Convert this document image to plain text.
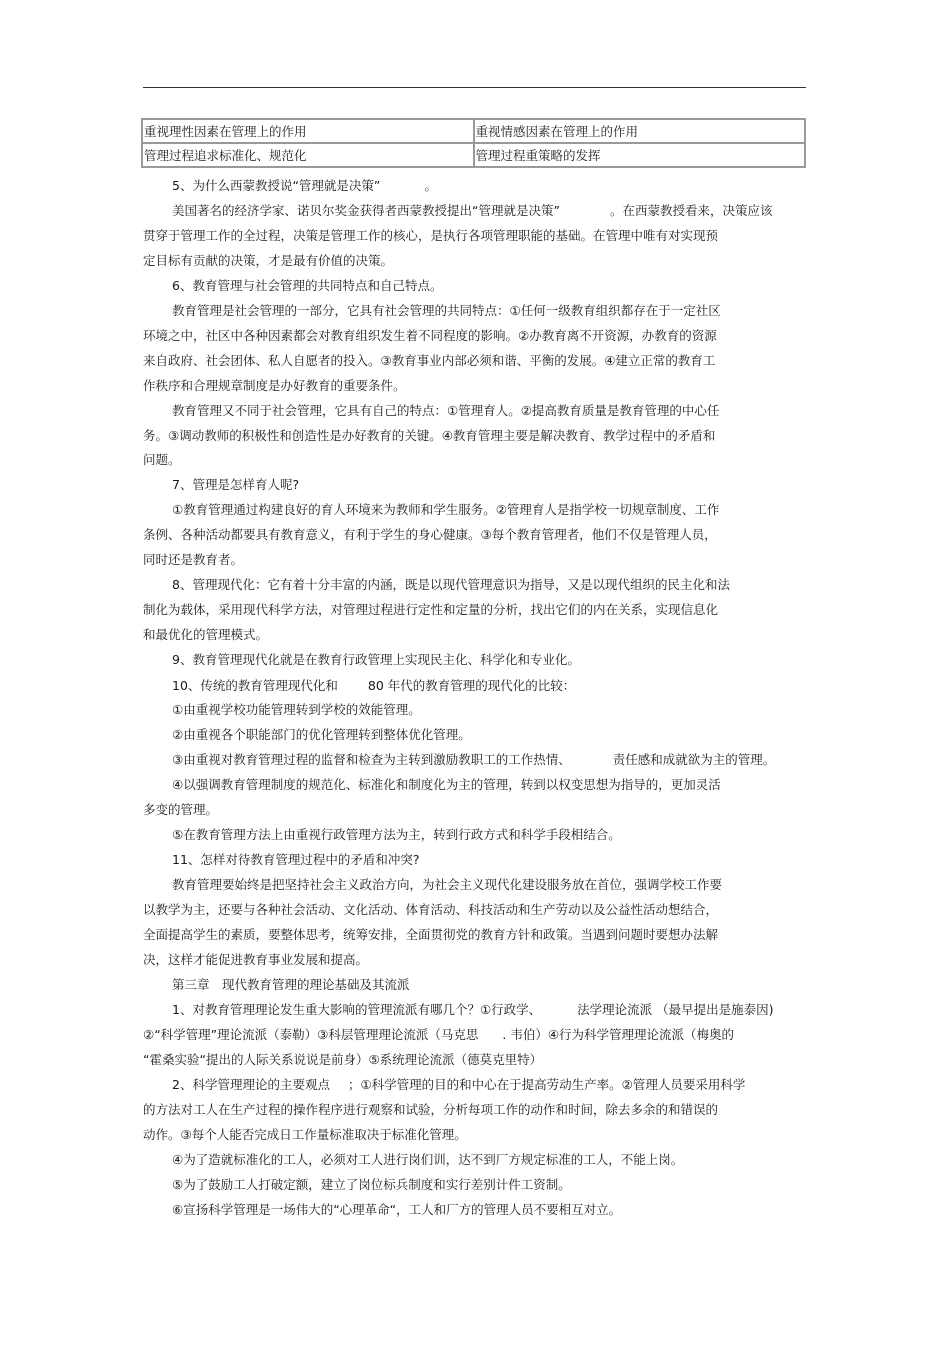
重视理性因素在管理上的作用	重视情感因素在管理上的作用
管理过程追求标准化、规范化	管理过程重策略的发挥
5、为什么西蒙教授说“管理就是决策”	。
美国著名的经济学家、诺贝尔奖金获得者西蒙教授提出“管理就是决策”	。在西蒙教授看来，决策应该
贯穿于管理工作的全过程，决策是管理工作的核心，是执行各项管理职能的基础。在管理中唯有对实现预
定目标有贡献的决策，才是最有价值的决策。
6、教育管理与社会管理的共同特点和自己特点。
教育管理是社会管理的一部分，它具有社会管理的共同特点：①任何一级教育组织都存在于一定社区
环境之中，社区中各种因素都会对教育组织发生着不同程度的影响。②办教育离不开资源，办教育的资源
来自政府、社会团体、私人自愿者的投入。③教育事业内部必须和谐、平衡的发展。④建立正常的教育工
作秩序和合理规章制度是办好教育的重要条件。
教育管理又不同于社会管理，它具有自己的特点：①管理育人。②提高教育质量是教育管理的中心任
务。③调动教师的积极性和创造性是办好教育的关键。④教育管理主要是解决教育、教学过程中的矛盾和
问题。
7、管理是怎样育人呢?
①教育管理通过构建良好的育人环境来为教师和学生服务。②管理育人是指学校一切规章制度、工作
条例、各种活动都要具有教育意义，有利于学生的身心健康。③每个教育管理者，他们不仅是管理人员，
同时还是教育者。
8、管理现代化：它有着十分丰富的内涵，既是以现代管理意识为指导，又是以现代组织的民主化和法
制化为载体，采用现代科学方法，对管理过程进行定性和定量的分析，找出它们的内在关系，实现信息化
和最优化的管理模式。
9、教育管理现代化就是在教育行政管理上实现民主化、科学化和专业化。
10、传统的教育管理现代化和 80 年代的教育管理的现代化的比较：
①由重视学校功能管理转到学校的效能管理。
②由重视各个职能部门的优化管理转到整体优化管理。
③由重视对教育管理过程的监督和检查为主转到激励教职工的工作热情、	责任感和成就欲为主的管理。
④以强调教育管理制度的规范化、标准化和制度化为主的管理，转到以权变思想为指导的，更加灵活
多变的管理。
⑤在教育管理方法上由重视行政管理方法为主，转到行政方式和科学手段相结合。
11、怎样对待教育管理过程中的矛盾和冲突?
教育管理要始终是把坚持社会主义政治方向，为社会主义现代化建设服务放在首位，强调学校工作要
以教学为主，还要与各种社会活动、文化活动、体育活动、科技活动和生产劳动以及公益性活动想结合，
全面提高学生的素质，要整体思考，统筹安排，全面贯彻党的教育方针和政策。当遇到问题时要想办法解
决，这样才能促进教育事业发展和提高。
第三章　现代教育管理的理论基础及其流派
1、对教育管理理论发生重大影响的管理流派有哪几个？①行政学、	法学理论流派 （最早提出是施泰因)
②“科学管理”理论流派（泰勒）③科层管理理论流派（马克思 . 韦伯）④行为科学管理理论流派（梅奥的
“霍桑实验“提出的人际关系说说是前身）⑤系统理论流派（德莫克里特）
2、科学管理理论的主要观点 ；①科学管理的目的和中心在于提高劳动生产率。②管理人员要采用科学
的方法对工人在生产过程的操作程序进行观察和试验，分析每项工作的动作和时间，除去多余的和错误的
动作。③每个人能否完成日工作量标准取决于标准化管理。
④为了造就标准化的工人，必须对工人进行岗们训，达不到厂方规定标准的工人，不能上岗。
⑤为了鼓励工人打破定额，建立了岗位标兵制度和实行差别计件工资制。
⑥宣扬科学管理是一场伟大的“心理革命“，工人和厂方的管理人员不要相互对立。
